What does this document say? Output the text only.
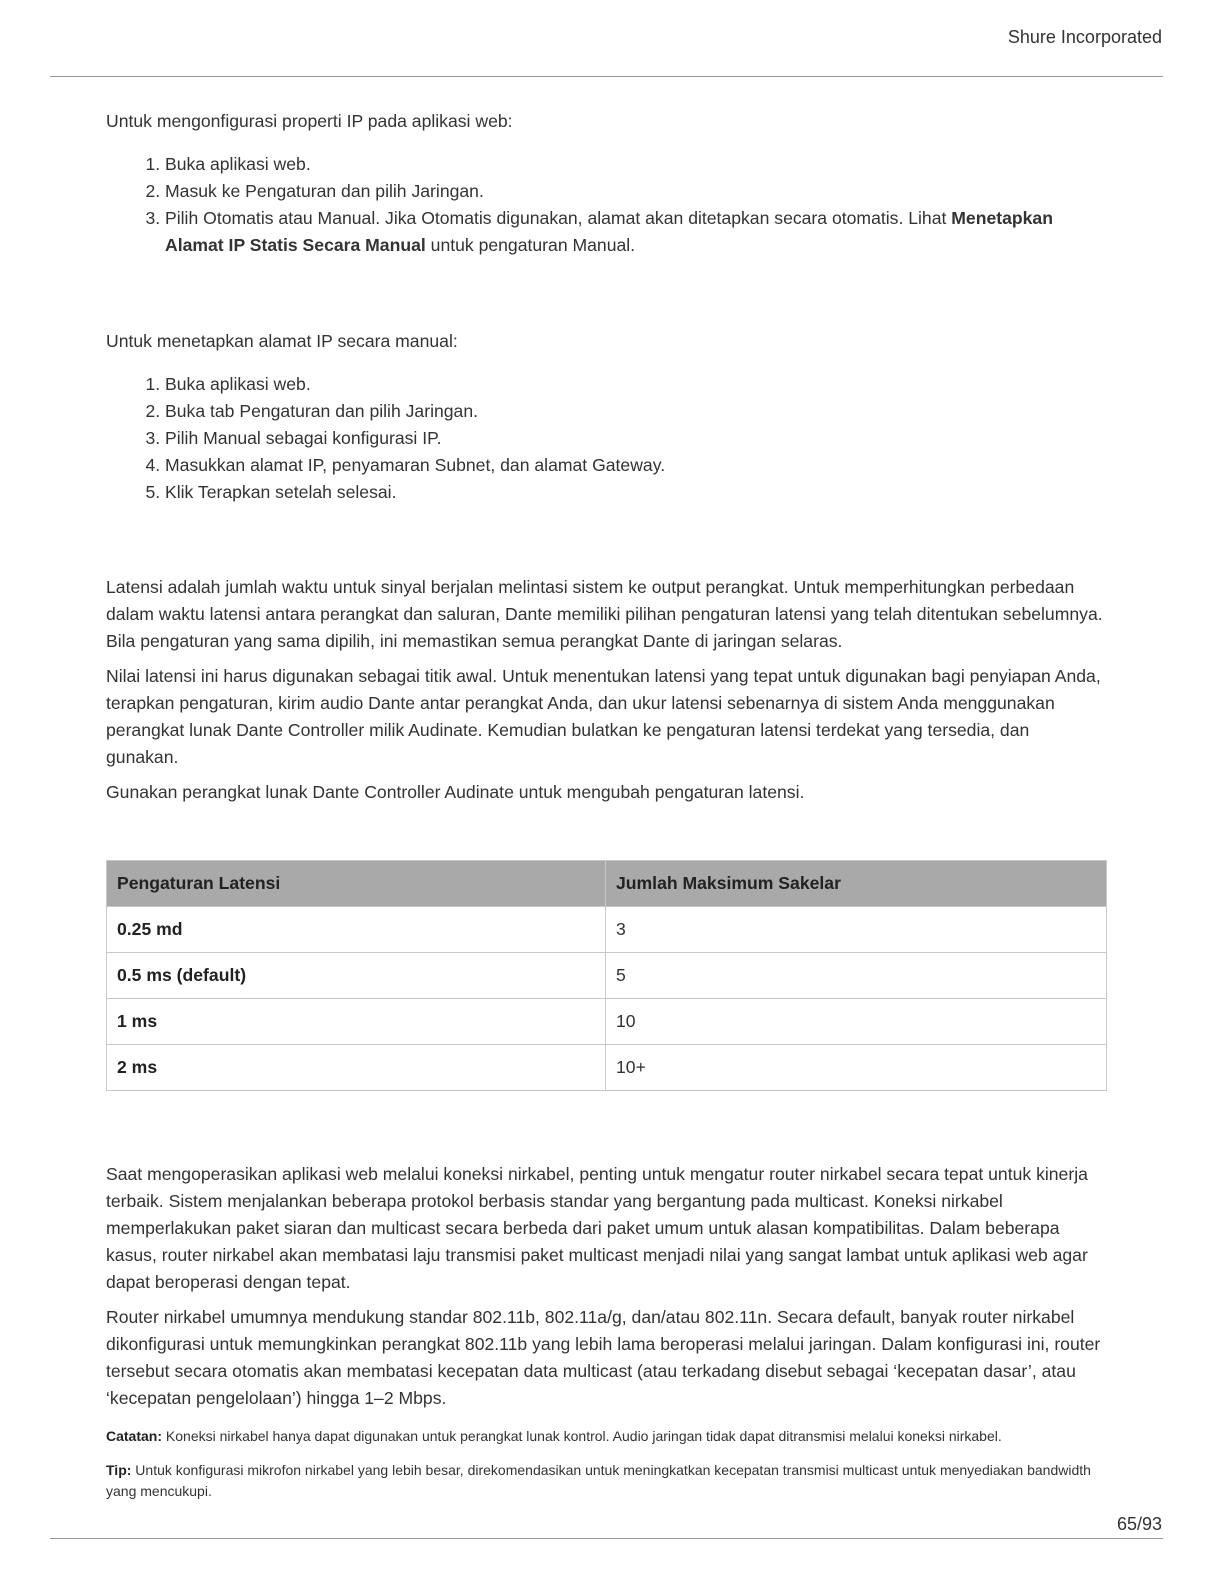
Shure Incorporated

Untuk mengonfigurasi properti IP pada aplikasi web:

1. Buka aplikasi web.
2. Masuk ke Pengaturan dan pilih Jaringan.
3. Pilih Otomatis atau Manual. Jika Otomatis digunakan, alamat akan ditetapkan secara otomatis. Lihat Menetapkan Alamat IP Statis Secara Manual untuk pengaturan Manual.

Untuk menetapkan alamat IP secara manual:

1. Buka aplikasi web.
2. Buka tab Pengaturan dan pilih Jaringan.
3. Pilih Manual sebagai konfigurasi IP.
4. Masukkan alamat IP, penyamaran Subnet, dan alamat Gateway.
5. Klik Terapkan setelah selesai.

Latensi adalah jumlah waktu untuk sinyal berjalan melintasi sistem ke output perangkat. Untuk memperhitungkan perbedaan dalam waktu latensi antara perangkat dan saluran, Dante memiliki pilihan pengaturan latensi yang telah ditentukan sebelumnya. Bila pengaturan yang sama dipilih, ini memastikan semua perangkat Dante di jaringan selaras.

Nilai latensi ini harus digunakan sebagai titik awal. Untuk menentukan latensi yang tepat untuk digunakan bagi penyiapan Anda, terapkan pengaturan, kirim audio Dante antar perangkat Anda, dan ukur latensi sebenarnya di sistem Anda menggunakan perangkat lunak Dante Controller milik Audinate. Kemudian bulatkan ke pengaturan latensi terdekat yang tersedia, dan gunakan.

Gunakan perangkat lunak Dante Controller Audinate untuk mengubah pengaturan latensi.

Pengaturan Latensi	Jumlah Maksimum Sakelar
0.25 md	3
0.5 ms (default)	5
1 ms	10
2 ms	10+

Saat mengoperasikan aplikasi web melalui koneksi nirkabel, penting untuk mengatur router nirkabel secara tepat untuk kinerja terbaik. Sistem menjalankan beberapa protokol berbasis standar yang bergantung pada multicast. Koneksi nirkabel memperlakukan paket siaran dan multicast secara berbeda dari paket umum untuk alasan kompatibilitas. Dalam beberapa kasus, router nirkabel akan membatasi laju transmisi paket multicast menjadi nilai yang sangat lambat untuk aplikasi web agar dapat beroperasi dengan tepat.

Router nirkabel umumnya mendukung standar 802.11b, 802.11a/g, dan/atau 802.11n. Secara default, banyak router nirkabel dikonfigurasi untuk memungkinkan perangkat 802.11b yang lebih lama beroperasi melalui jaringan. Dalam konfigurasi ini, router tersebut secara otomatis akan membatasi kecepatan data multicast (atau terkadang disebut sebagai ‘kecepatan dasar’, atau ‘kecepatan pengelolaan’) hingga 1–2 Mbps.

Catatan: Koneksi nirkabel hanya dapat digunakan untuk perangkat lunak kontrol. Audio jaringan tidak dapat ditransmisi melalui koneksi nirkabel.

Tip: Untuk konfigurasi mikrofon nirkabel yang lebih besar, direkomendasikan untuk meningkatkan kecepatan transmisi multicast untuk menyediakan bandwidth yang mencukupi.

65/93
